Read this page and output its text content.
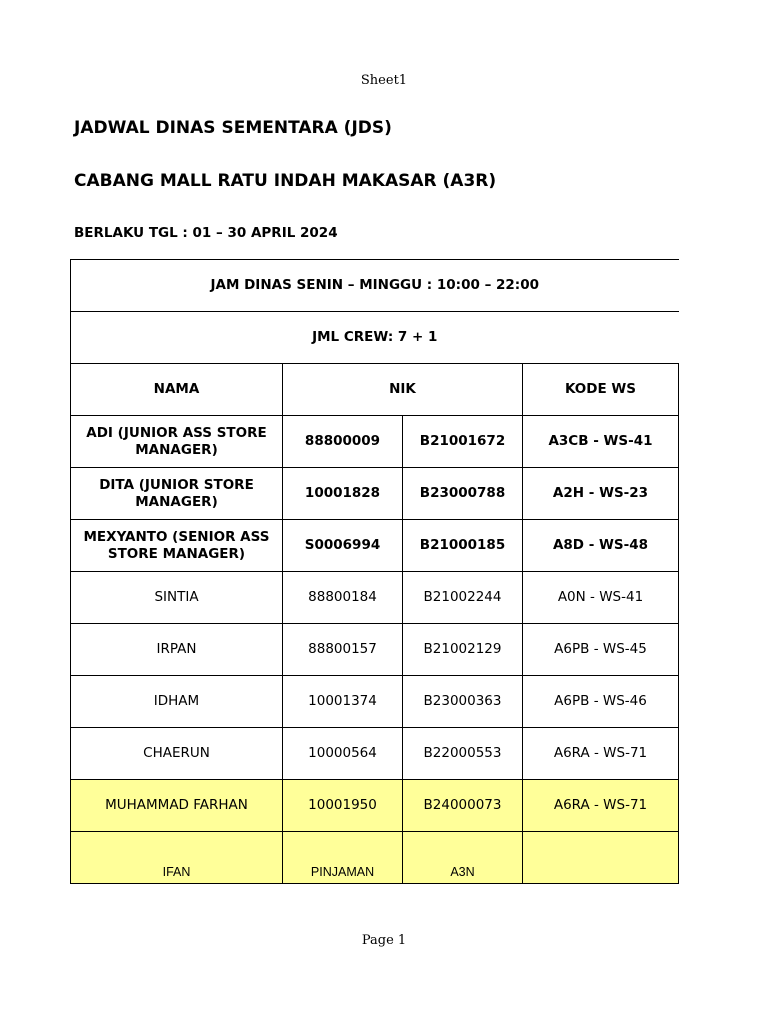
Sheet1
JADWAL DINAS SEMENTARA (JDS)
CABANG MALL RATU INDAH MAKASAR (A3R)
BERLAKU TGL : 01 – 30 APRIL 2024
JAM DINAS SENIN – MINGGU : 10:00 – 22:00			
JML CREW: 7 + 1			
NAMA	NIK		KODE WS
ADI (JUNIOR ASS STORE MANAGER)	88800009	B21001672	A3CB - WS-41
DITA (JUNIOR STORE MANAGER)	10001828	B23000788	A2H - WS-23
MEXYANTO (SENIOR ASS STORE MANAGER)	S0006994	B21000185	A8D - WS-48
SINTIA	88800184	B21002244	A0N - WS-41
IRPAN	88800157	B21002129	A6PB - WS-45
IDHAM	10001374	B23000363	A6PB - WS-46
CHAERUN	10000564	B22000553	A6RA - WS-71
MUHAMMAD FARHAN	10001950	B24000073	A6RA - WS-71
IFAN	PINJAMAN	A3N	
Page 1
